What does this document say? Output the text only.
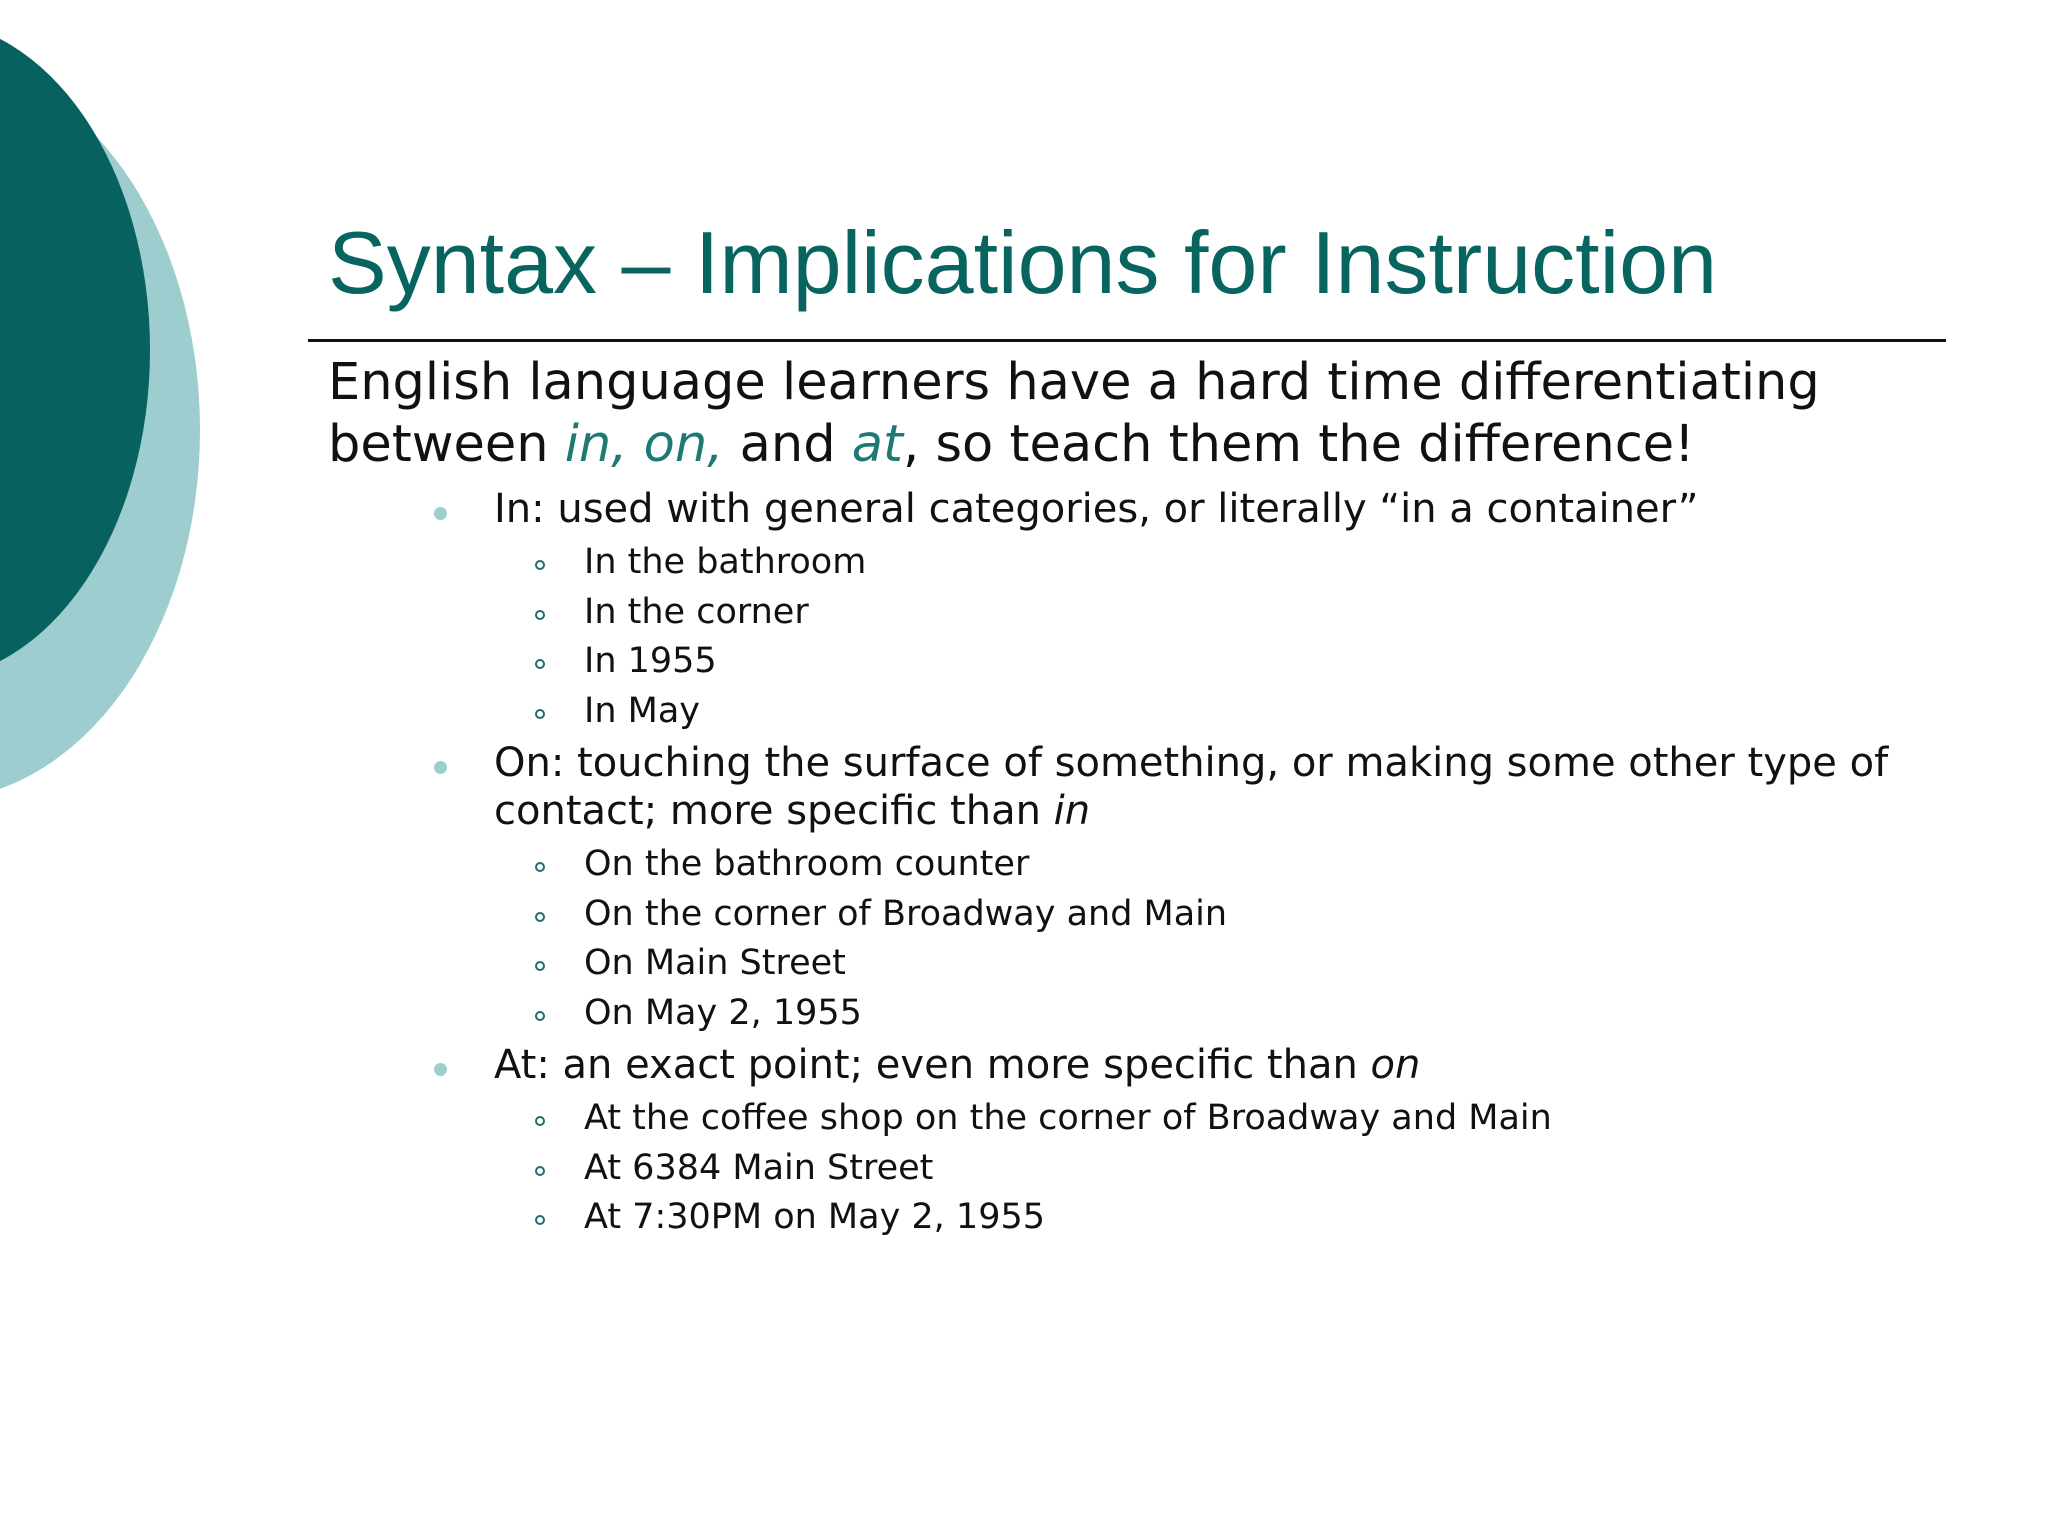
Syntax – Implications for Instruction
English language learners have a hard time differentiating
between in, on, and at, so teach them the difference!
In: used with general categories, or literally “in a container”
In the bathroom
In the corner
In 1955
In May
On: touching the surface of something, or making some other type of
contact; more specific than in
On the bathroom counter
On the corner of Broadway and Main
On Main Street
On May 2, 1955
At: an exact point; even more specific than on
At the coffee shop on the corner of Broadway and Main
At 6384 Main Street
At 7:30PM on May 2, 1955
